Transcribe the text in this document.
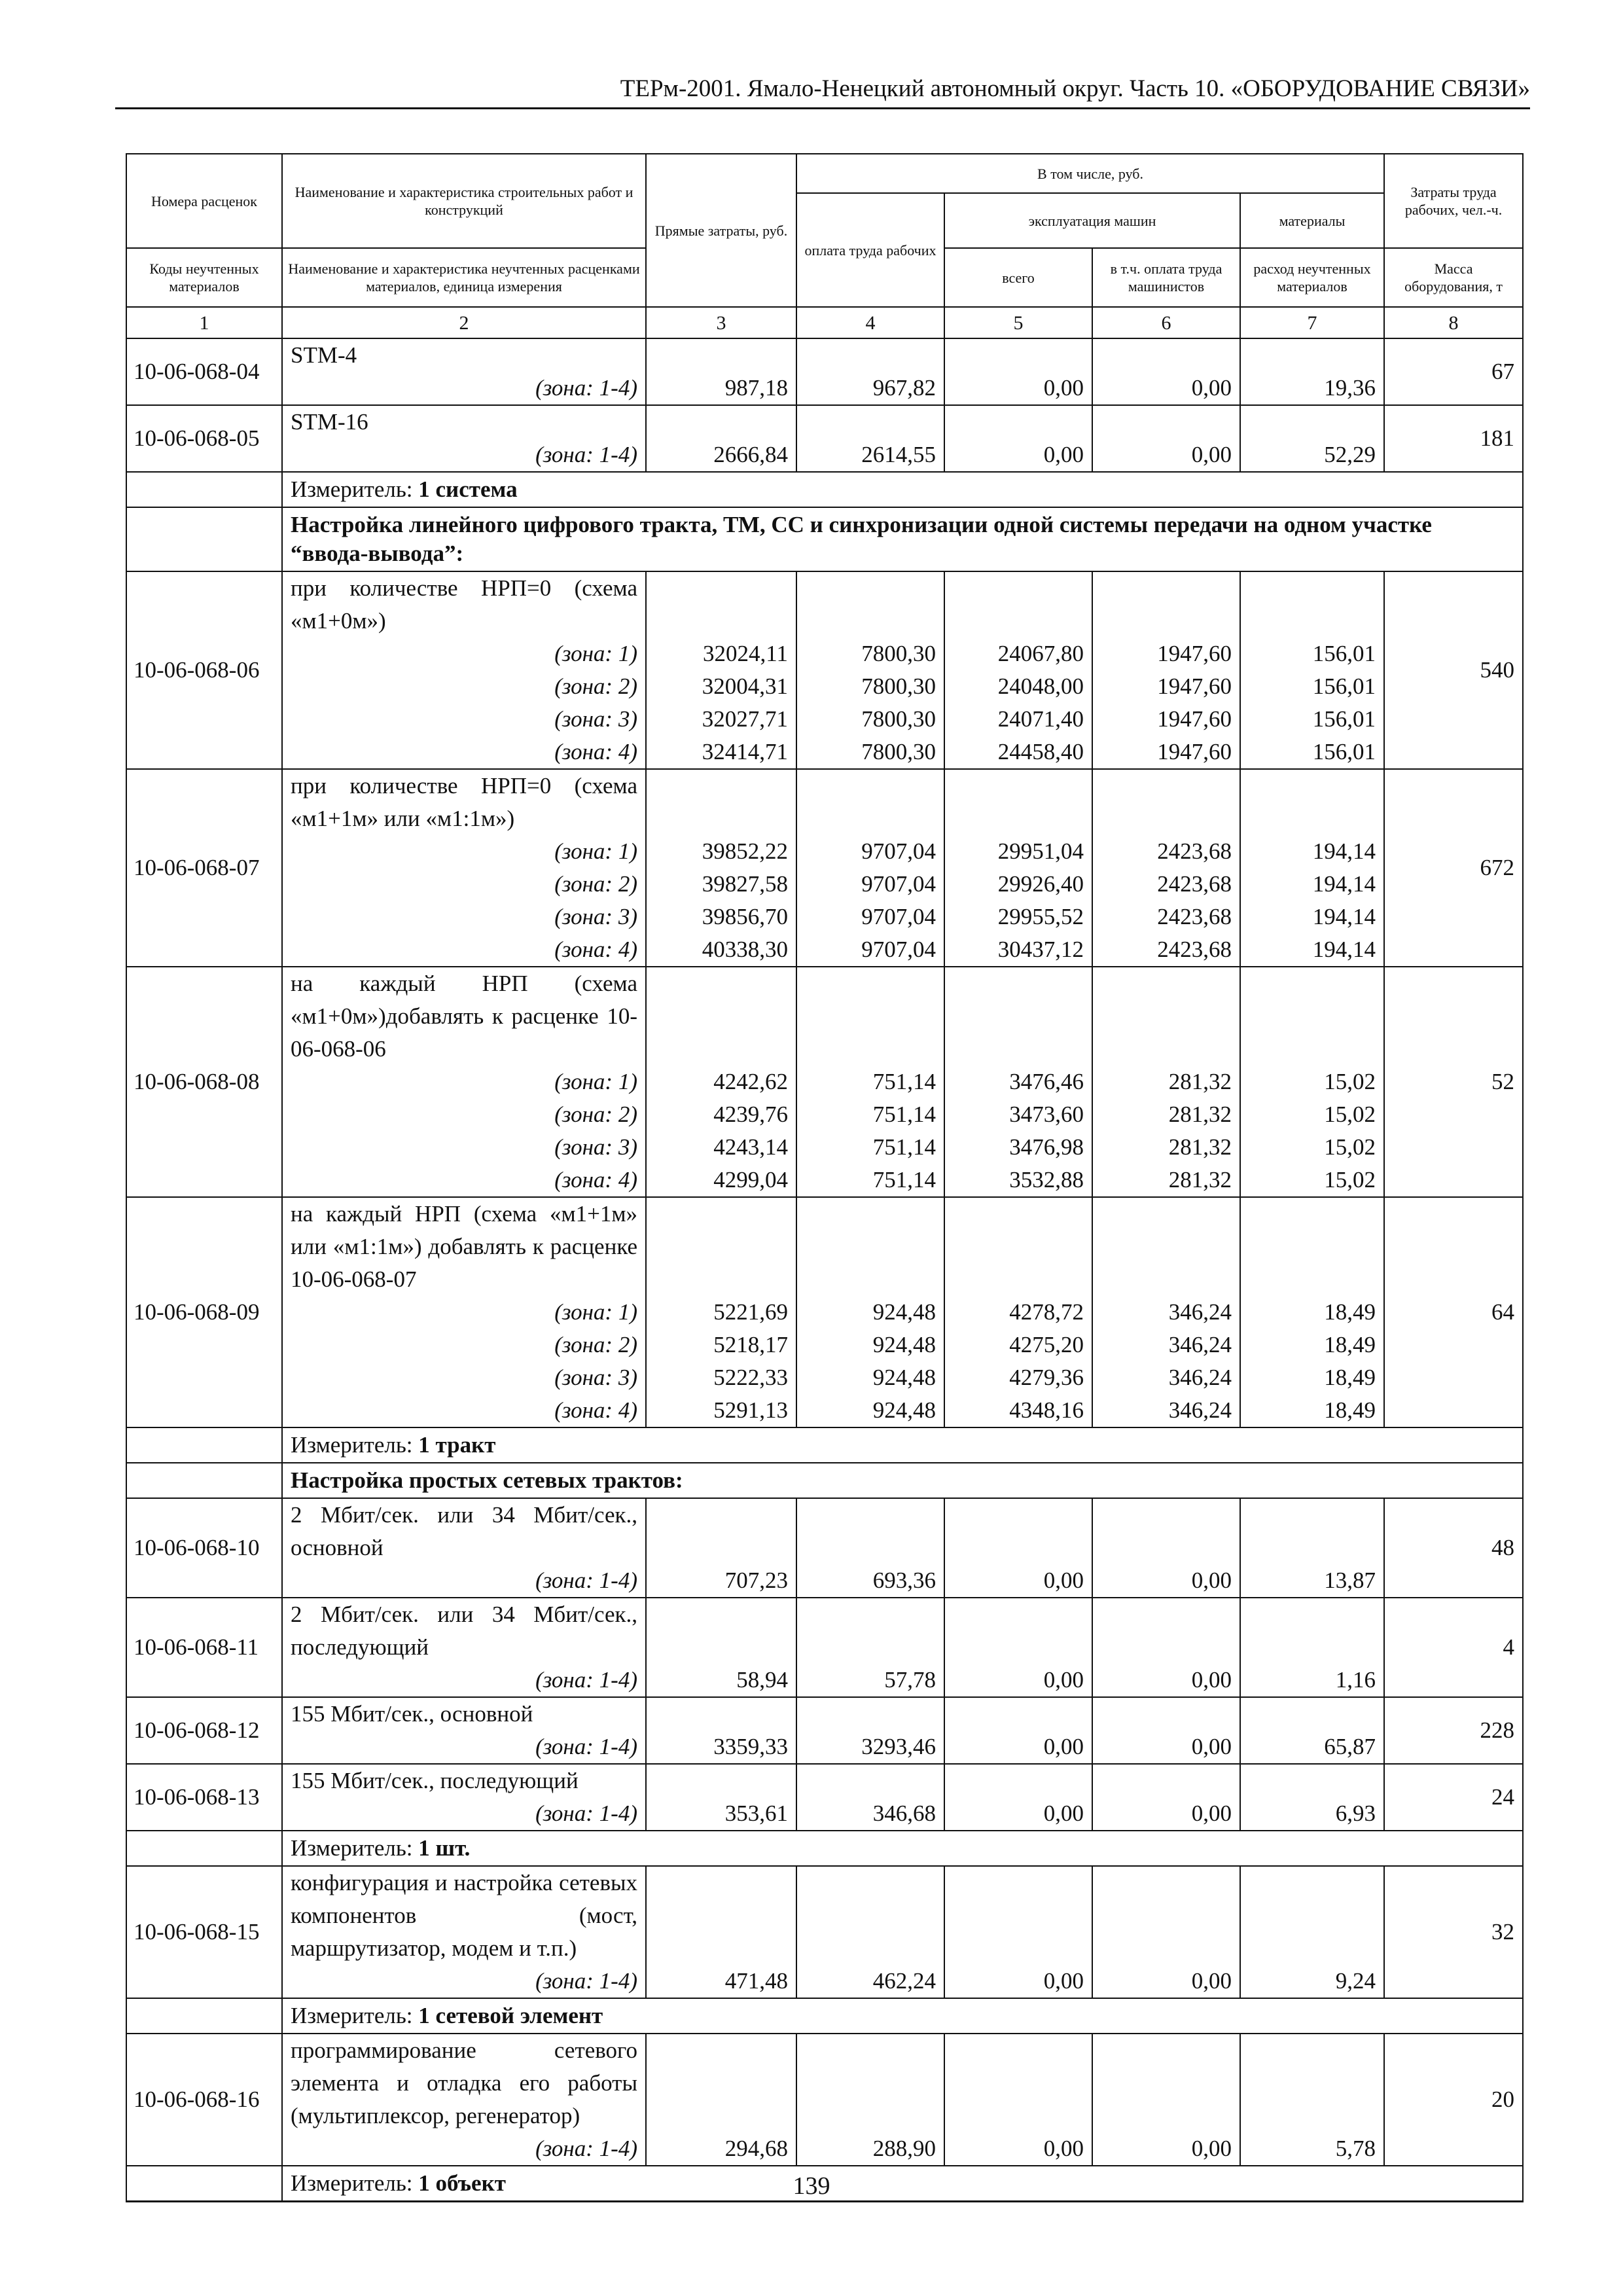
ТЕРм-2001. Ямало-Ненецкий автономный округ. Часть 10. «ОБОРУДОВАНИЕ СВЯЗИ»
Номера расценок	Наименование и характеристика строительных работ и конструкций	Прямые затраты, руб.	В том числе, руб.				Затраты труда рабочих, чел.-ч.
			оплата труда рабочих	эксплуатация машин		материалы	
Коды неучтенных материалов	Наименование и характеристика неучтенных расценками материалов, единица измерения			всего	в т.ч. оплата труда машинистов	расход неучтенных материалов	Масса оборудования, т
1	2	3	4	5	6	7	8
10-06-068-04	STM-4						67
	(зона: 1-4)	987,18	967,82	0,00	0,00	19,36	
10-06-068-05	STM-16						181
	(зона: 1-4)	2666,84	2614,55	0,00	0,00	52,29	
	Измеритель: 1 система						
	Настройка линейного цифрового тракта, ТМ, СС и синхронизации одной системы передачи на одном участке “ввода-вывода”:						
10-06-068-06	при количестве НРП=0 (схема «м1+0м»)						540
	(зона: 1)	32024,11	7800,30	24067,80	1947,60	156,01	
	(зона: 2)	32004,31	7800,30	24048,00	1947,60	156,01	
	(зона: 3)	32027,71	7800,30	24071,40	1947,60	156,01	
	(зона: 4)	32414,71	7800,30	24458,40	1947,60	156,01	
10-06-068-07	при количестве НРП=0 (схема «м1+1м» или «м1:1м»)						672
	(зона: 1)	39852,22	9707,04	29951,04	2423,68	194,14	
	(зона: 2)	39827,58	9707,04	29926,40	2423,68	194,14	
	(зона: 3)	39856,70	9707,04	29955,52	2423,68	194,14	
	(зона: 4)	40338,30	9707,04	30437,12	2423,68	194,14	
10-06-068-08	на каждый НРП (схема «м1+0м»)добавлять к расценке 10-06-068-06						52
	(зона: 1)	4242,62	751,14	3476,46	281,32	15,02	
	(зона: 2)	4239,76	751,14	3473,60	281,32	15,02	
	(зона: 3)	4243,14	751,14	3476,98	281,32	15,02	
	(зона: 4)	4299,04	751,14	3532,88	281,32	15,02	
10-06-068-09	на каждый НРП (схема «м1+1м» или «м1:1м») добавлять к расценке 10-06-068-07						64
	(зона: 1)	5221,69	924,48	4278,72	346,24	18,49	
	(зона: 2)	5218,17	924,48	4275,20	346,24	18,49	
	(зона: 3)	5222,33	924,48	4279,36	346,24	18,49	
	(зона: 4)	5291,13	924,48	4348,16	346,24	18,49	
	Измеритель: 1 тракт						
	Настройка простых сетевых трактов:						
10-06-068-10	2 Мбит/сек. или 34 Мбит/сек., основной						48
	(зона: 1-4)	707,23	693,36	0,00	0,00	13,87	
10-06-068-11	2 Мбит/сек. или 34 Мбит/сек., последующий						4
	(зона: 1-4)	58,94	57,78	0,00	0,00	1,16	
10-06-068-12	155 Мбит/сек., основной						228
	(зона: 1-4)	3359,33	3293,46	0,00	0,00	65,87	
10-06-068-13	155 Мбит/сек., последующий						24
	(зона: 1-4)	353,61	346,68	0,00	0,00	6,93	
	Измеритель: 1 шт.						
10-06-068-15	конфигурация и настройка сетевых компонентов (мост, маршрутизатор, модем и т.п.)						32
	(зона: 1-4)	471,48	462,24	0,00	0,00	9,24	
	Измеритель: 1 сетевой элемент						
10-06-068-16	программирование сетевого элемента и отладка его работы (мультиплексор, регенератор)						20
	(зона: 1-4)	294,68	288,90	0,00	0,00	5,78	
	Измеритель: 1 объект							139
